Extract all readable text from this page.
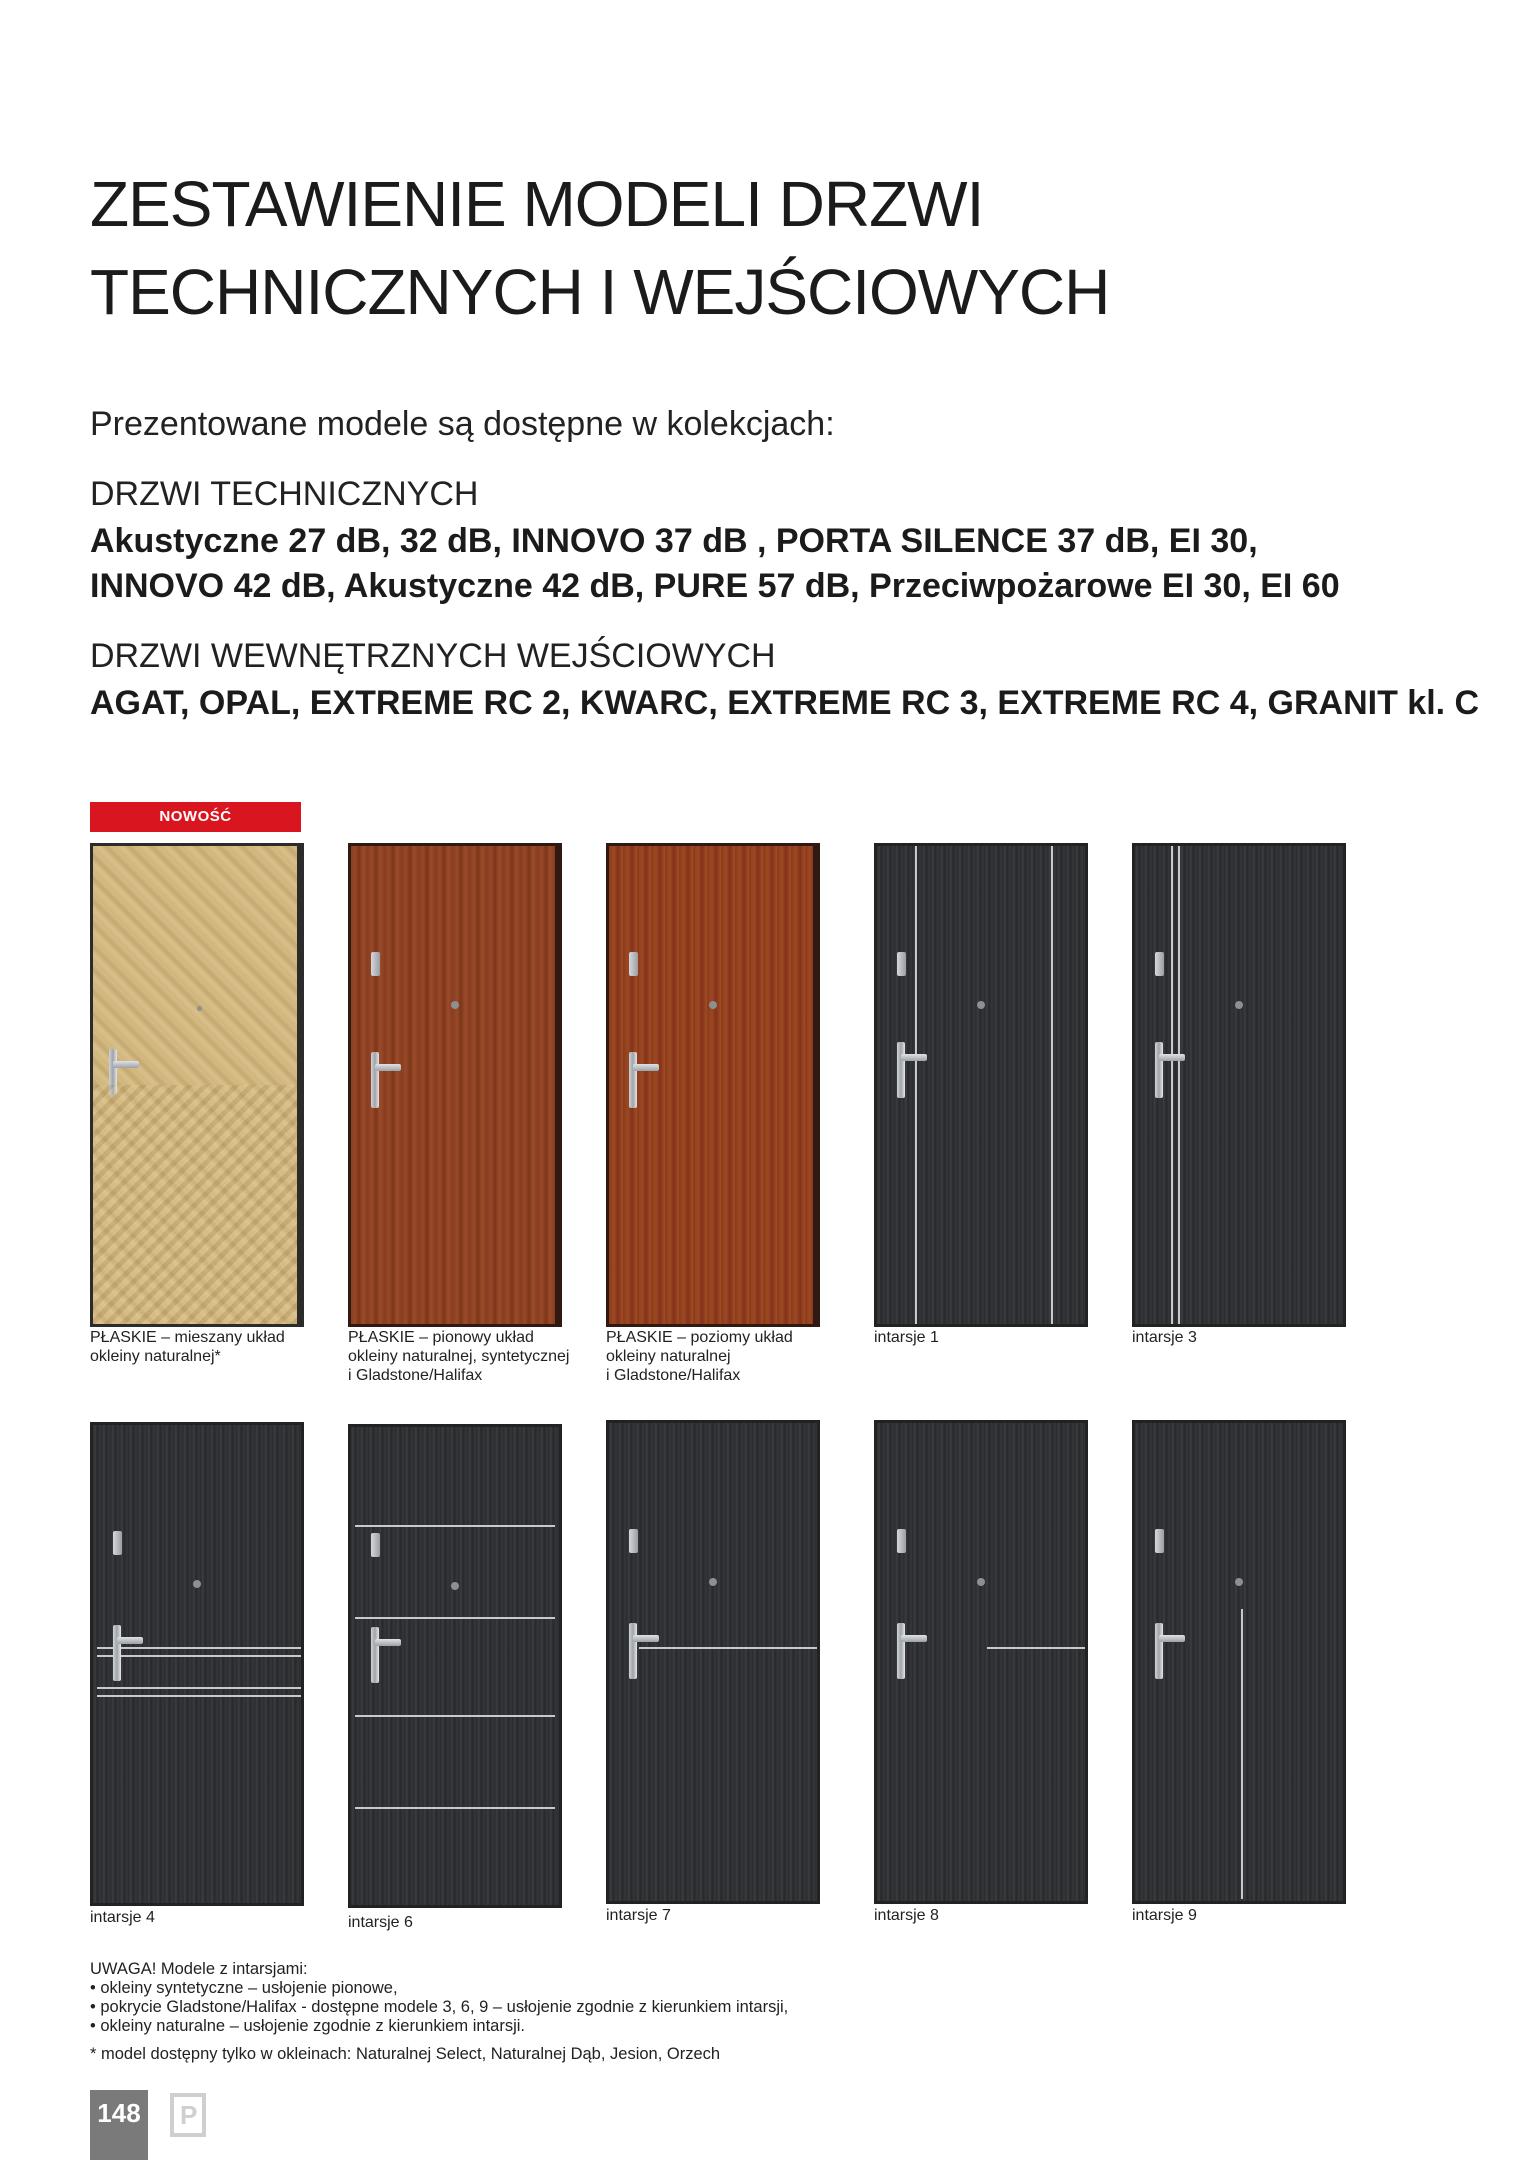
ZESTAWIENIE MODELI DRZWI
TECHNICZNYCH I WEJŚCIOWYCH
Prezentowane modele są dostępne w kolekcjach:
DRZWI TECHNICZNYCH
Akustyczne 27 dB, 32 dB, INNOVO 37 dB , PORTA SILENCE 37 dB, EI 30,
INNOVO 42 dB, Akustyczne 42 dB, PURE 57 dB, Przeciwpożarowe EI 30, EI 60
DRZWI WEWNĘTRZNYCH WEJŚCIOWYCH
AGAT, OPAL, EXTREME RC 2, KWARC, EXTREME RC 3, EXTREME RC 4, GRANIT kl. C
NOWOŚĆ
PŁASKIE – mieszany układ
okleiny naturalnej*
PŁASKIE – pionowy układ
okleiny naturalnej, syntetycznej
i Gladstone/Halifax
PŁASKIE – poziomy układ
okleiny naturalnej
i Gladstone/Halifax
intarsje 1	intarsje 3
intarsje 4	intarsje 6	intarsje 7	intarsje 8	intarsje 9
UWAGA! Modele z intarsjami:
• okleiny syntetyczne – usłojenie pionowe,
• pokrycie Gladstone/Halifax - dostępne modele 3, 6, 9 – usłojenie zgodnie z kierunkiem intarsji,
• okleiny naturalne – usłojenie zgodnie z kierunkiem intarsji.
* model dostępny tylko w okleinach: Naturalnej Select, Naturalnej Dąb, Jesion, Orzech
148 P
